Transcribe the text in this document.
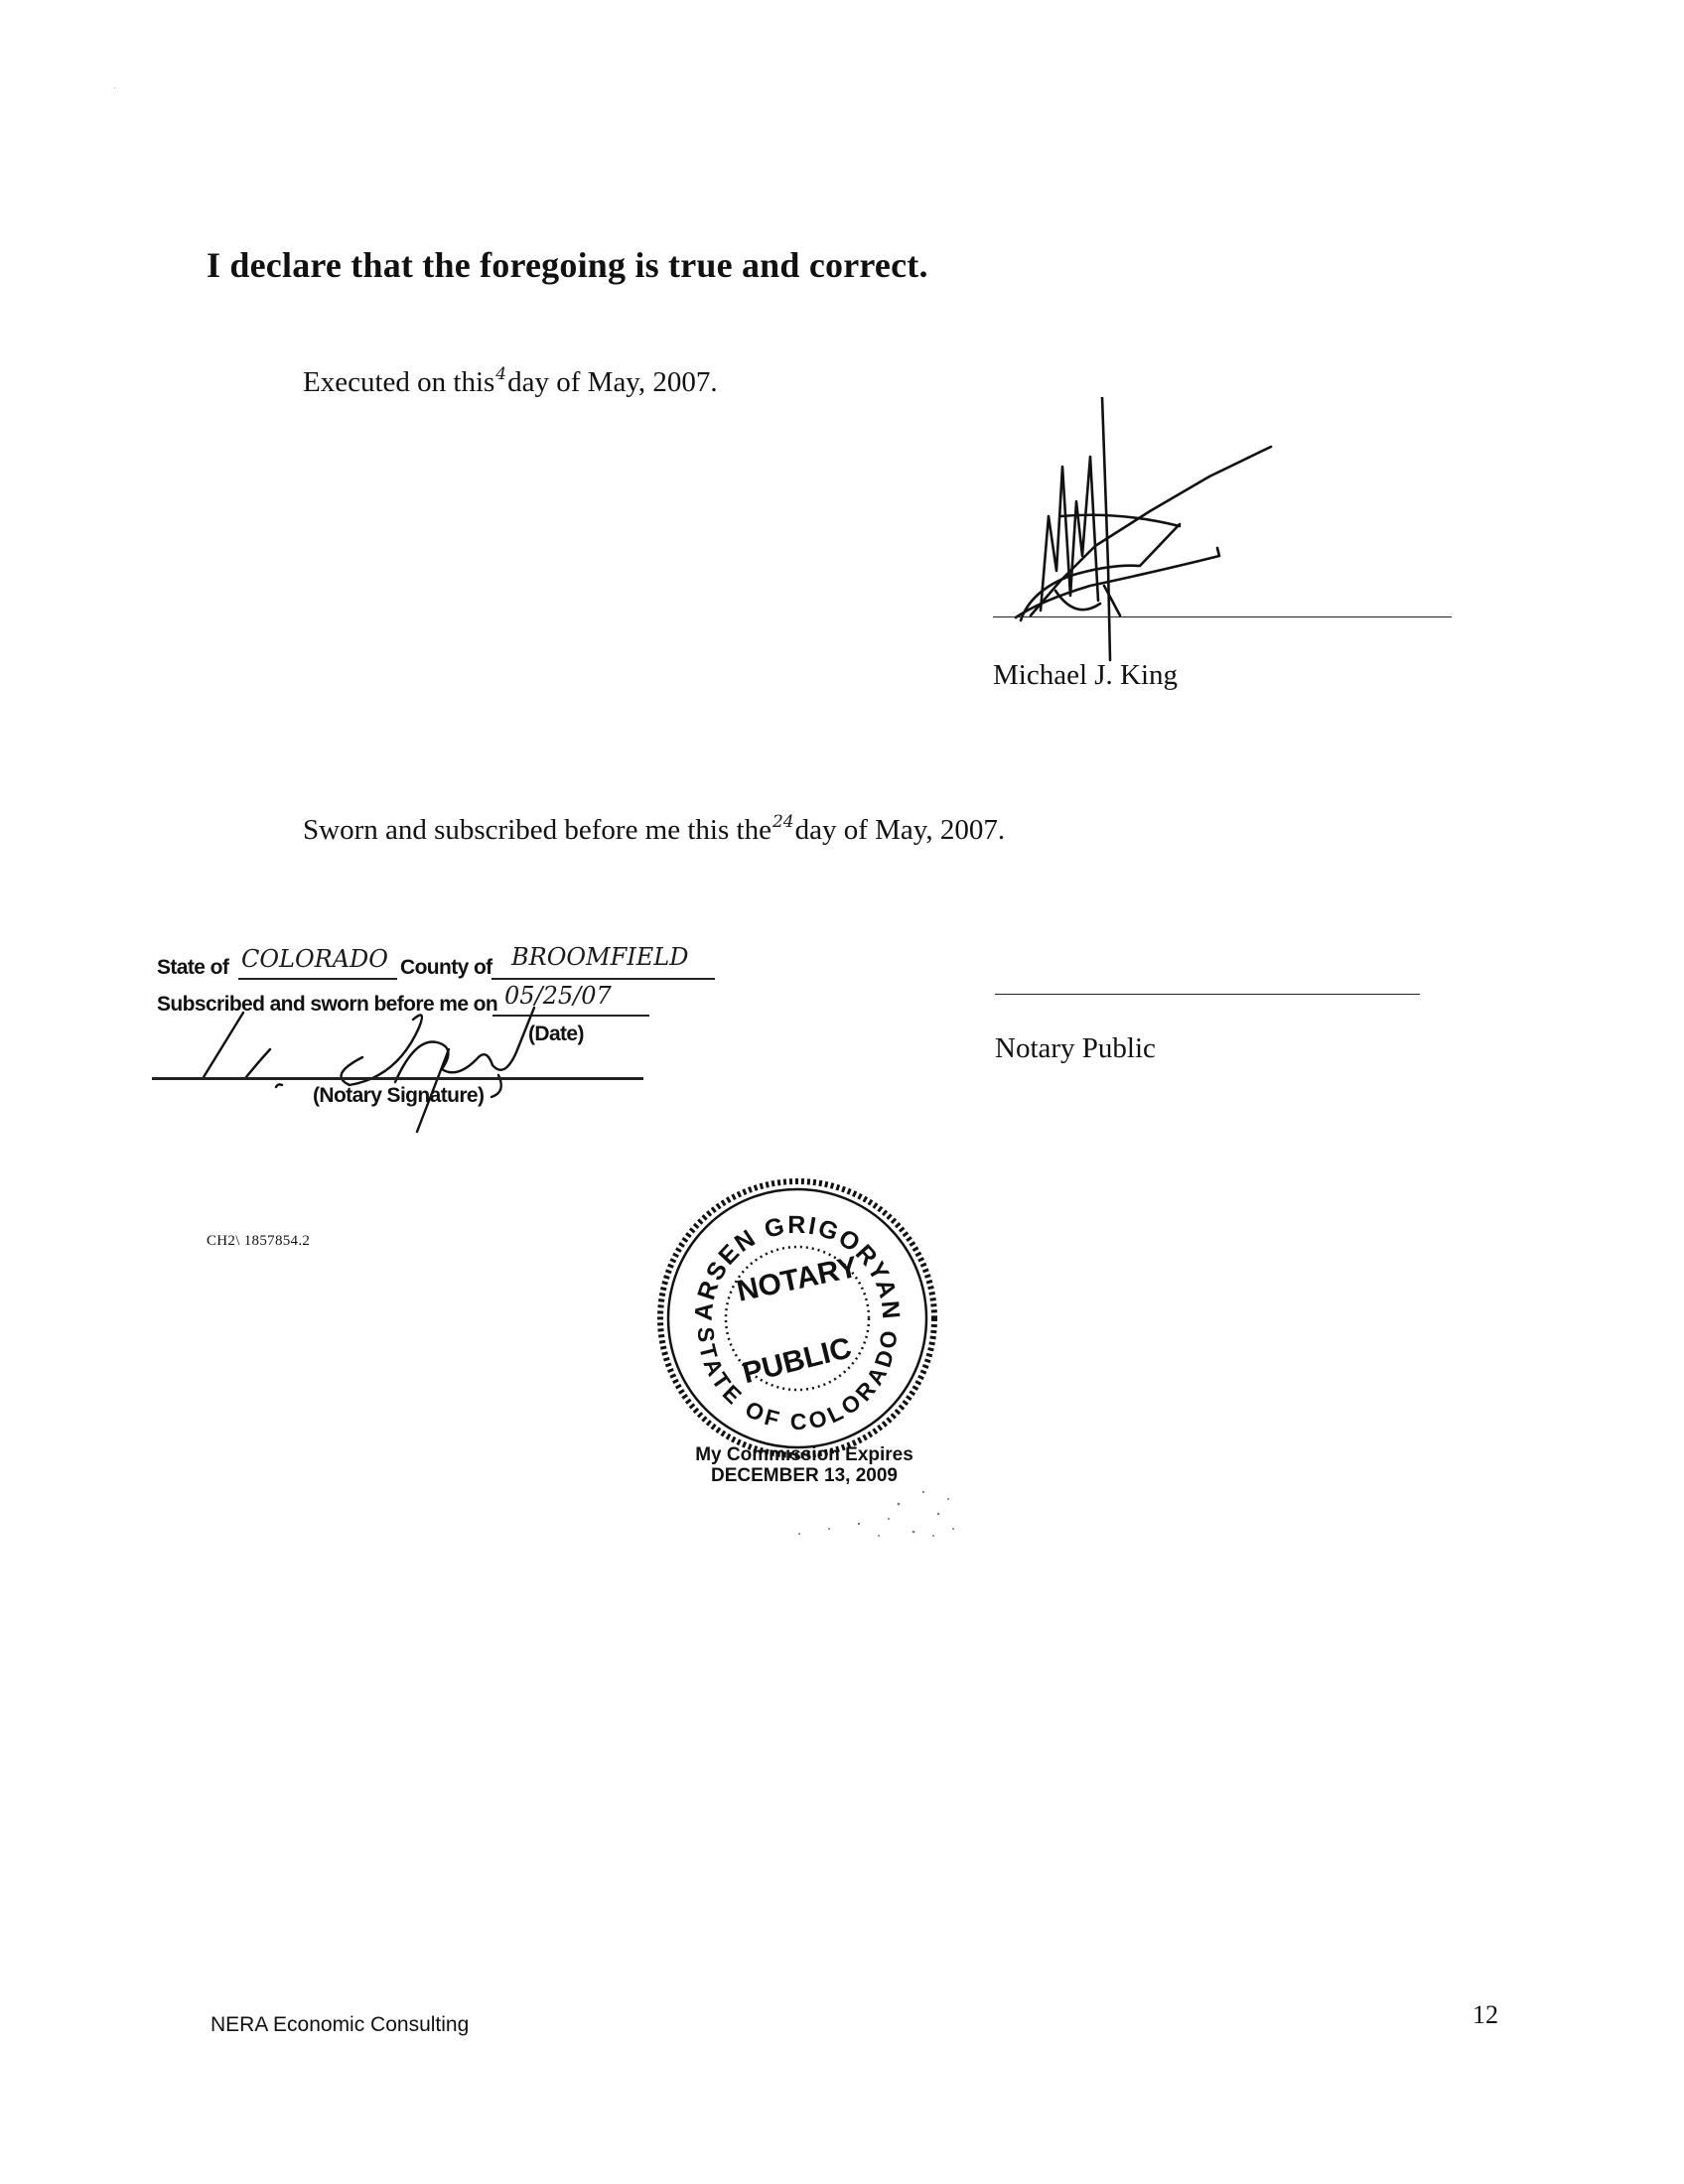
I declare that the foregoing is true and correct.
Executed on this4day of May, 2007.
Michael J. King
Sworn and subscribed before me this the24day of May, 2007.
State of COLORADO County of BROOMFIELD
Subscribed and sworn before me on 05/25/07
(Date)
(Notary Signature)
Notary Public
CH2\ 1857854.2
ARSEN GRIGORYAN
STATE OF COLORADO
NOTARY
PUBLIC
My Commission Expires
DECEMBER 13, 2009
NERA Economic Consulting	12
